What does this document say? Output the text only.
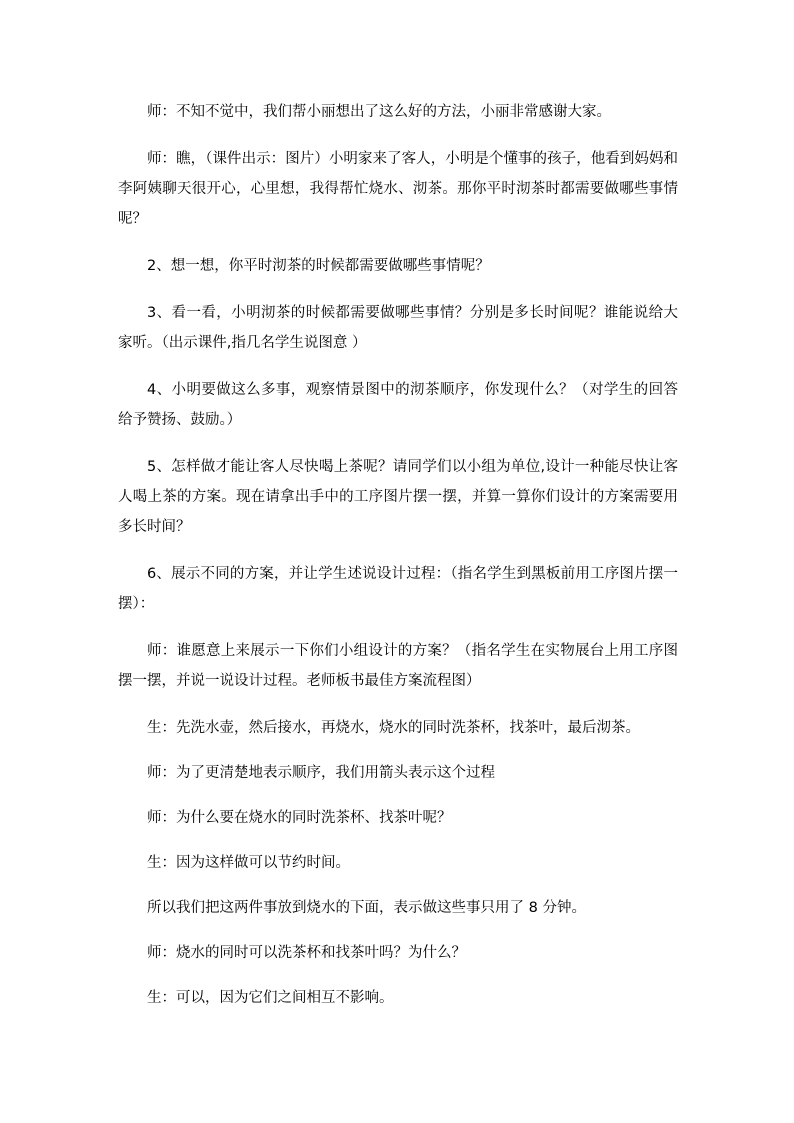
师：不知不觉中，我们帮小丽想出了这么好的方法，小丽非常感谢大家。

师：瞧，（课件出示：图片）小明家来了客人，小明是个懂事的孩子，他看到妈妈和李阿姨聊天很开心，心里想，我得帮忙烧水、沏茶。那你平时沏茶时都需要做哪些事情呢？

2、想一想，你平时沏茶的时候都需要做哪些事情呢？

3、看一看，小明沏茶的时候都需要做哪些事情？分别是多长时间呢？谁能说给大家听。（出示课件,指几名学生说图意 ）

4、小明要做这么多事，观察情景图中的沏茶顺序，你发现什么？（对学生的回答给予赞扬、鼓励。）

5、怎样做才能让客人尽快喝上茶呢？请同学们以小组为单位,设计一种能尽快让客人喝上茶的方案。现在请拿出手中的工序图片摆一摆，并算一算你们设计的方案需要用多长时间？

6、展示不同的方案，并让学生述说设计过程：（指名学生到黑板前用工序图片摆一摆）：

师：谁愿意上来展示一下你们小组设计的方案？（指名学生在实物展台上用工序图摆一摆，并说一说设计过程。老师板书最佳方案流程图）

生：先洗水壶，然后接水，再烧水，烧水的同时洗茶杯，找茶叶，最后沏茶。

师：为了更清楚地表示顺序，我们用箭头表示这个过程

师：为什么要在烧水的同时洗茶杯、找茶叶呢？

生：因为这样做可以节约时间。

所以我们把这两件事放到烧水的下面，表示做这些事只用了 8 分钟。

师：烧水的同时可以洗茶杯和找茶叶吗？为什么？

生：可以，因为它们之间相互不影响。
